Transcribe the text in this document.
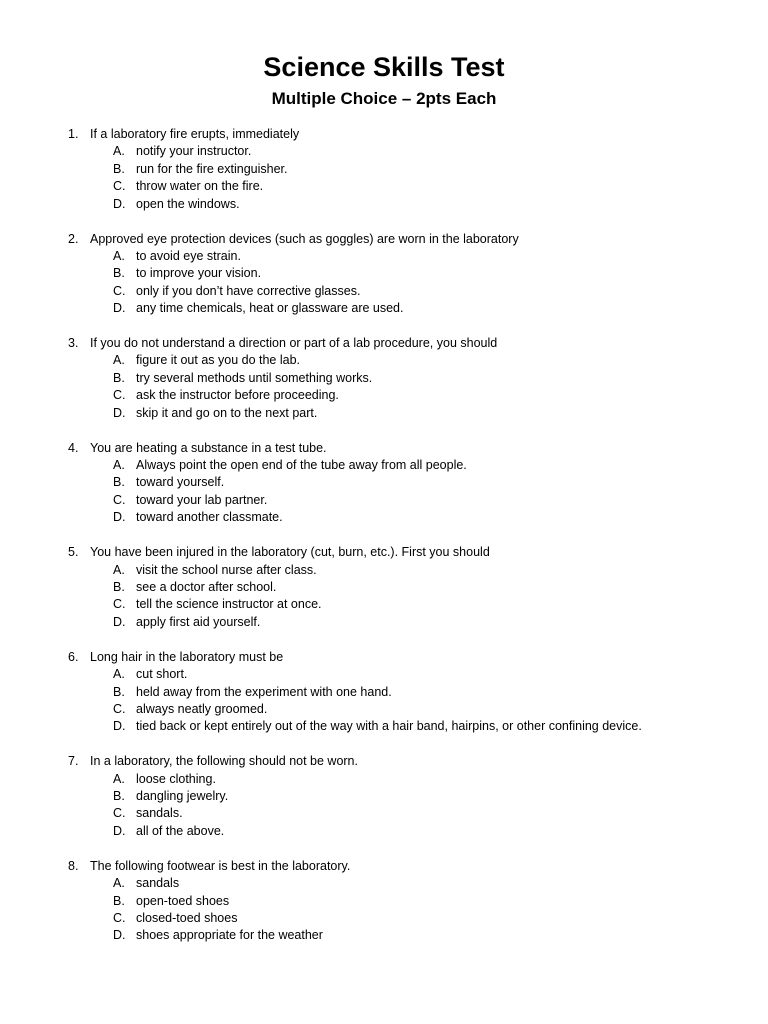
Science Skills Test
Multiple Choice – 2pts Each
1. If a laboratory fire erupts, immediately
A. notify your instructor.
B. run for the fire extinguisher.
C. throw water on the fire.
D. open the windows.
2. Approved eye protection devices (such as goggles) are worn in the laboratory
A. to avoid eye strain.
B. to improve your vision.
C. only if you don’t have corrective glasses.
D. any time chemicals, heat or glassware are used.
3. If you do not understand a direction or part of a lab procedure, you should
A. figure it out as you do the lab.
B. try several methods until something works.
C. ask the instructor before proceeding.
D. skip it and go on to the next part.
4. You are heating a substance in a test tube.
A. Always point the open end of the tube away from all people.
B. toward yourself.
C. toward your lab partner.
D. toward another classmate.
5. You have been injured in the laboratory (cut, burn, etc.). First you should
A. visit the school nurse after class.
B. see a doctor after school.
C. tell the science instructor at once.
D. apply first aid yourself.
6. Long hair in the laboratory must be
A. cut short.
B. held away from the experiment with one hand.
C. always neatly groomed.
D. tied back or kept entirely out of the way with a hair band, hairpins, or other confining device.
7. In a laboratory, the following should not be worn.
A. loose clothing.
B. dangling jewelry.
C. sandals.
D. all of the above.
8. The following footwear is best in the laboratory.
A. sandals
B. open-toed shoes
C. closed-toed shoes
D. shoes appropriate for the weather
